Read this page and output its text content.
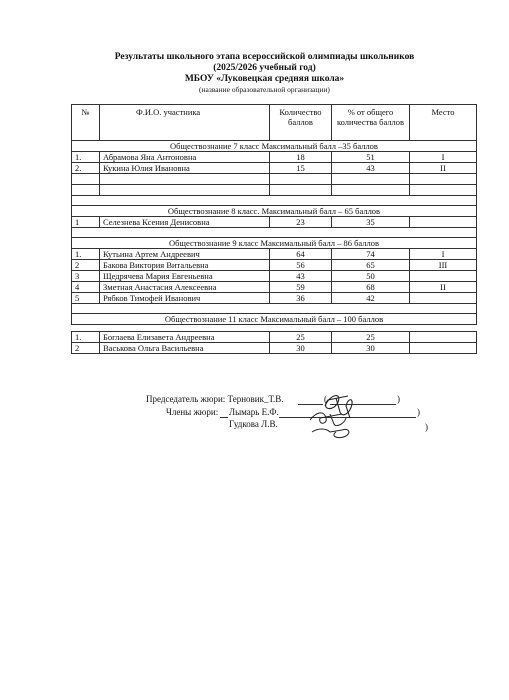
Результаты школьного этапа всероссийской олимпиады школьников
(2025/2026 учебный год)
МБОУ «Луковецкая средняя школа»
(название образовательной организации)
№	Ф.И.О. участника	Количество баллов	% от общего количества баллов	Место
Обществознание 7 класс Максимальный балл –35 баллов				
1.	Абрамова Яна Антоновна	18	51	I
2.	Кукина Юлия Ивановна	15	43	II

Обществознание 8 класс. Максимальный балл – 65 баллов				
1	Селезнева Ксения Денисовна	23	35	

Обществознание 9 класс Максимальный балл – 86 баллов				
1.	Кутьина Артем Андреевич	64	74	I
2	Бакова Виктория Витальевна	56	65	III
3	Щедрячева Мария Евгеньевна	43	50	
4	Зметная Анастасия Алексеевна	59	68	II
5	Рябков Тимофей Иванович	36	42	

Обществознание 11 класс Максимальный балл – 100 баллов				

1.	Боглаева Елизавета Андреевна	25	25	
2	Васькова Ольга Васильевна	30	30	
Председатель жюри: Терновик_Т.В.	(	)
Члены жюри: Лымарь Е.Ф.	)
Гудкова Л.В.	)
